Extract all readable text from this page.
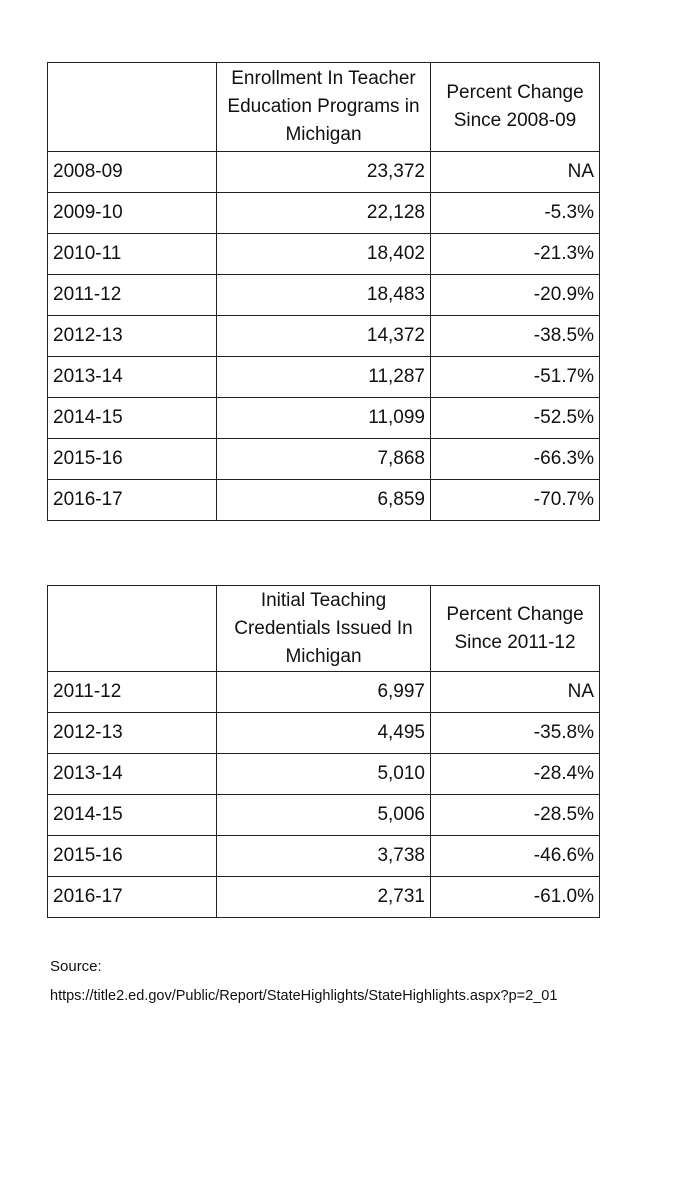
	Enrollment In Teacher Education Programs in Michigan	Percent Change Since 2008-09
2008-09	23,372	NA
2009-10	22,128	-5.3%
2010-11	18,402	-21.3%
2011-12	18,483	-20.9%
2012-13	14,372	-38.5%
2013-14	11,287	-51.7%
2014-15	11,099	-52.5%
2015-16	7,868	-66.3%
2016-17	6,859	-70.7%
	Initial Teaching Credentials Issued In Michigan	Percent Change Since 2011-12
2011-12	6,997	NA
2012-13	4,495	-35.8%
2013-14	5,010	-28.4%
2014-15	5,006	-28.5%
2015-16	3,738	-46.6%
2016-17	2,731	-61.0%
Source:
https://title2.ed.gov/Public/Report/StateHighlights/StateHighlights.aspx?p=2_01
